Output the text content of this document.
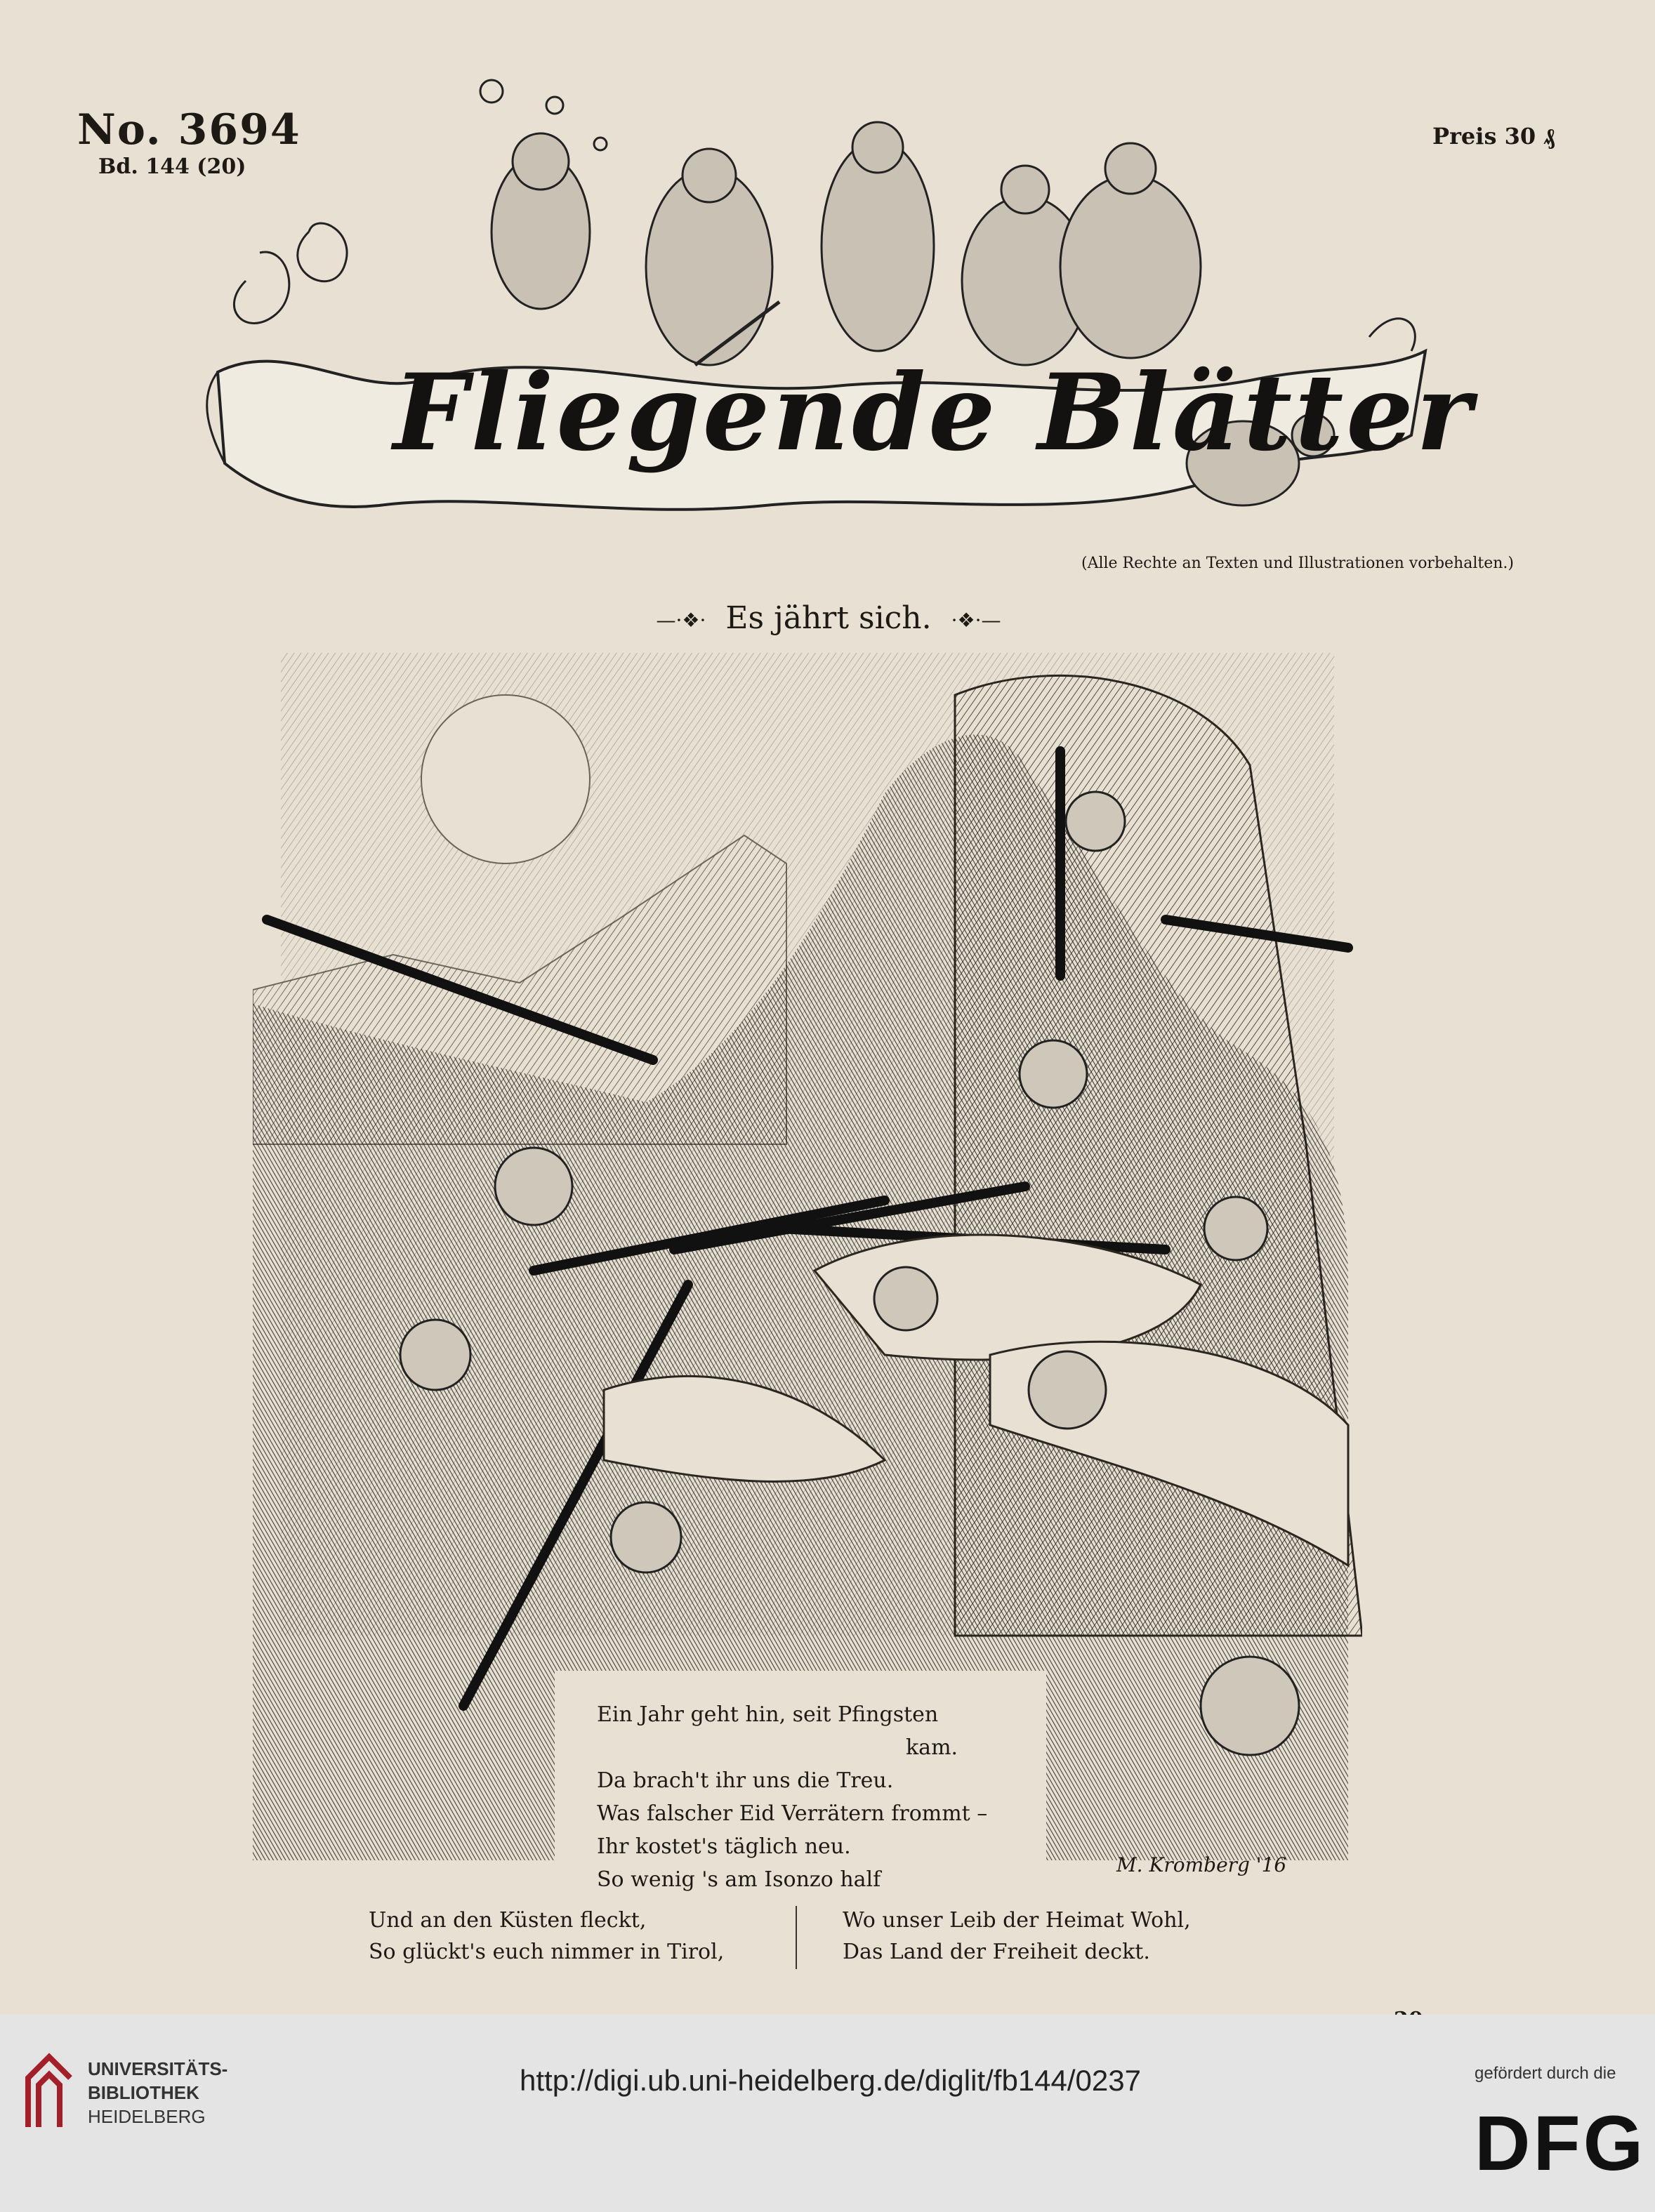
No. 3694
Bd. 144 (20)
Preis 30 ₰
Fliegende Blätter
(Alle Rechte an Texten und Illustrationen vorbehalten.)
—·❖· Es jährt sich. ·❖·—
Ein Jahr geht hin, seit Pfingsten
kam.
Da brach't ihr uns die Treu.
Was falscher Eid Verrätern frommt –
Ihr kostet's täglich neu.
So wenig 's am Isonzo half
M. Kromberg '16
Und an den Küsten fleckt,
So glückt's euch nimmer in Tirol,
Wo unser Leib der Heimat Wohl,
Das Land der Freiheit deckt.
UNIVERSITÄTS-
BIBLIOTHEK
HEIDELBERG
http://digi.ub.uni-heidelberg.de/diglit/fb144/0237	gefördert durch die
DFG
